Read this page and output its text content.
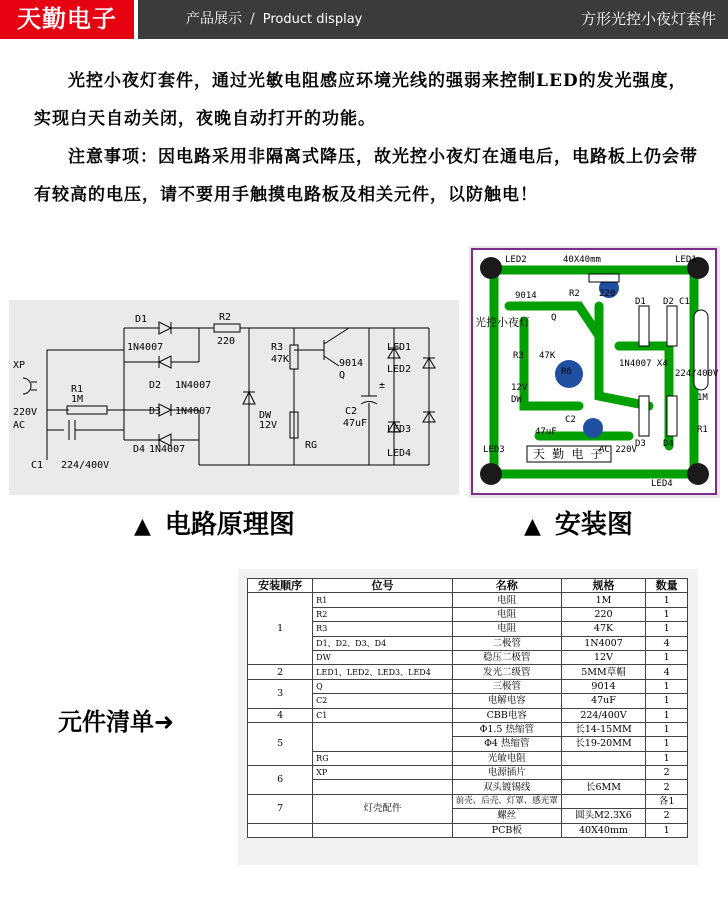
天勤电子	产品展示 / Product display	方形光控小夜灯套件

光控小夜灯套件，通过光敏电阻感应环境光线的强弱来控制LED的发光强度，实现白天自动关闭，夜晚自动打开的功能。

注意事项：因电路采用非隔离式降压，故光控小夜灯在通电后，电路板上仍会带有较高的电压，请不要用手触摸电路板及相关元件，以防触电！

XP
220V
AC
R1
1M
C1 224/400V
D1
1N4007
D2 1N4007
D3 1N4007
D4 1N4007
R2
220
DW
12V
R3
47K	9014
Q
RG
±
C2
47uF
LED1
LED2
LED3
LED4
LED2	40X40mm	LED1
R2 220
9014
Q
R3 47K
R6
12V
DW
C2
47uF
AC 220V
LED3
LED4
D1 D2
D3 D4
1N4007 X4
C1
224/400V
R1
1M
天 勤 电 子
光控小夜灯
▲ 电路原理图	▲ 安装图
元件清单➜
安装顺序	位号	名称	规格	数量
1	R1	电阻	1M	1
	R2	电阻	220	1
	R3	电阻	47K	1
	D1、D2、D3、D4	二极管	1N4007	4
	DW	稳压二极管	12V	1
2	LED1、LED2、LED3、LED4	发光二级管	5MM草帽	4
3	Q	三极管	9014	1
	C2	电解电容	47uF	1
4	C1	CBB电容	224/400V	1
5		Φ1.5 热缩管	长14-15MM	1
		Φ4 热缩管	长19-20MM	1
	RG	光敏电阻		1
6	XP	电源插片		2
		双头镀锡线	长6MM	2
7	灯壳配件	前壳、后壳、灯罩、感光罩		各1
		螺丝	圆头M2.3X6	2
		PCB板	40X40mm	1
